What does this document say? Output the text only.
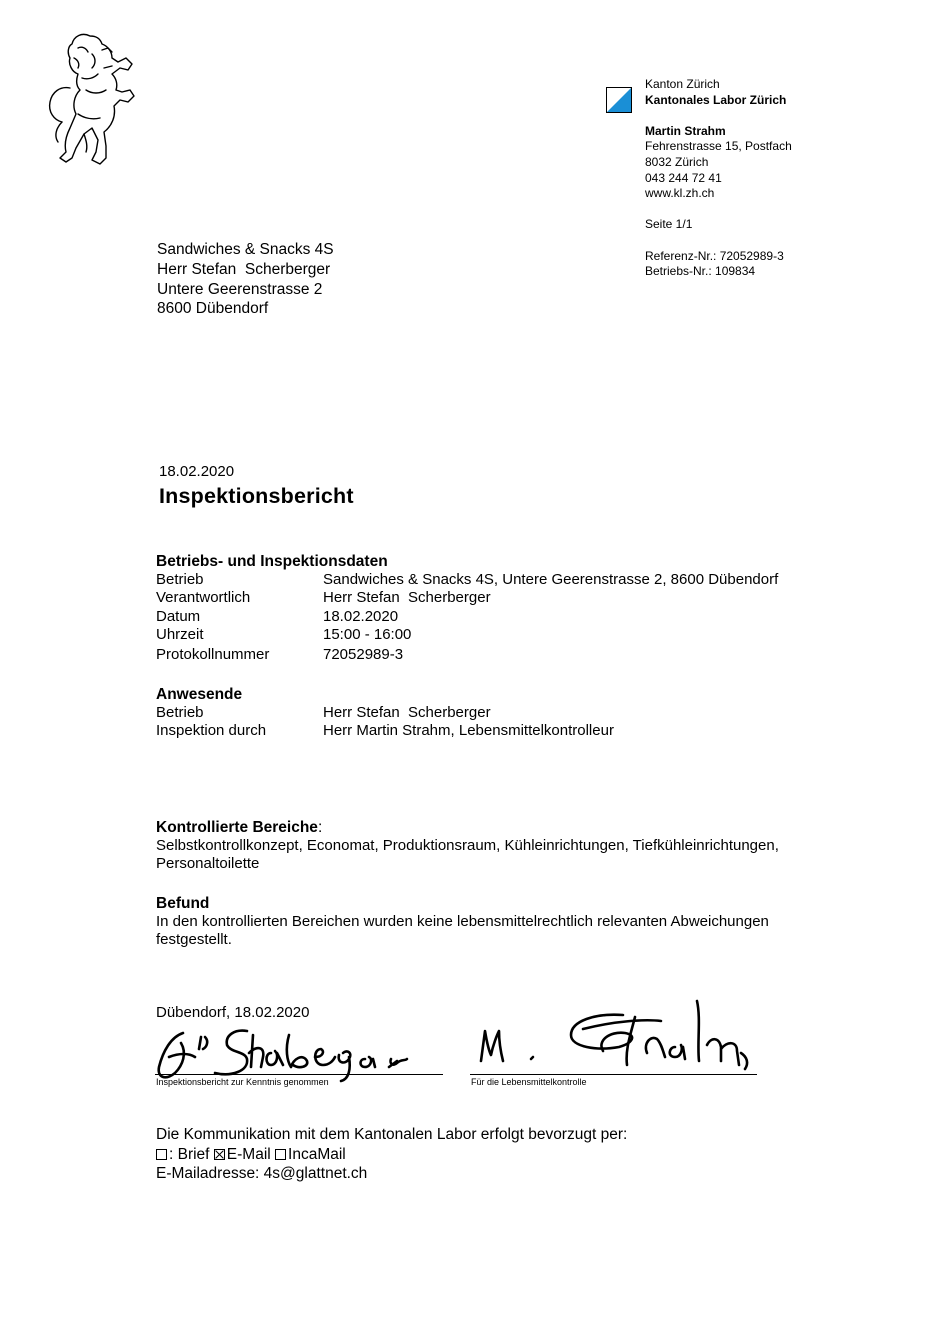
Kanton Zürich
Kantonales Labor Zürich
Martin Strahm
Fehrenstrasse 15, Postfach
8032 Zürich
043 244 72 41
www.kl.zh.ch
Seite 1/1
Referenz-Nr.: 72052989-3
Betriebs-Nr.: 109834
Sandwiches & Snacks 4S
Herr Stefan  Scherberger
Untere Geerenstrasse 2
8600 Dübendorf
18.02.2020
Inspektionsbericht
Betriebs- und Inspektionsdaten
Betrieb	Sandwiches & Snacks 4S, Untere Geerenstrasse 2, 8600 Dübendorf
Verantwortlich	Herr Stefan  Scherberger
Datum	18.02.2020
Uhrzeit	15:00 - 16:00
Protokollnummer	72052989-3
Anwesende
Betrieb	Herr Stefan  Scherberger
Inspektion durch	Herr Martin Strahm, Lebensmittelkontrolleur
Kontrollierte Bereiche:

Selbstkontrollkonzept, Economat, Produktionsraum, Kühleinrichtungen, Tiefkühleinrichtungen, Personaltoilette

Befund

In den kontrollierten Bereichen wurden keine lebensmittelrechtlich relevanten Abweichungen festgestellt.

Dübendorf, 18.02.2020
Inspektionsbericht zur Kenntnis genommen	Für die Lebensmittelkontrolle
Die Kommunikation mit dem Kantonalen Labor erfolgt bevorzugt per:
: Brief E-Mail IncaMail
E-Mailadresse: 4s@glattnet.ch
